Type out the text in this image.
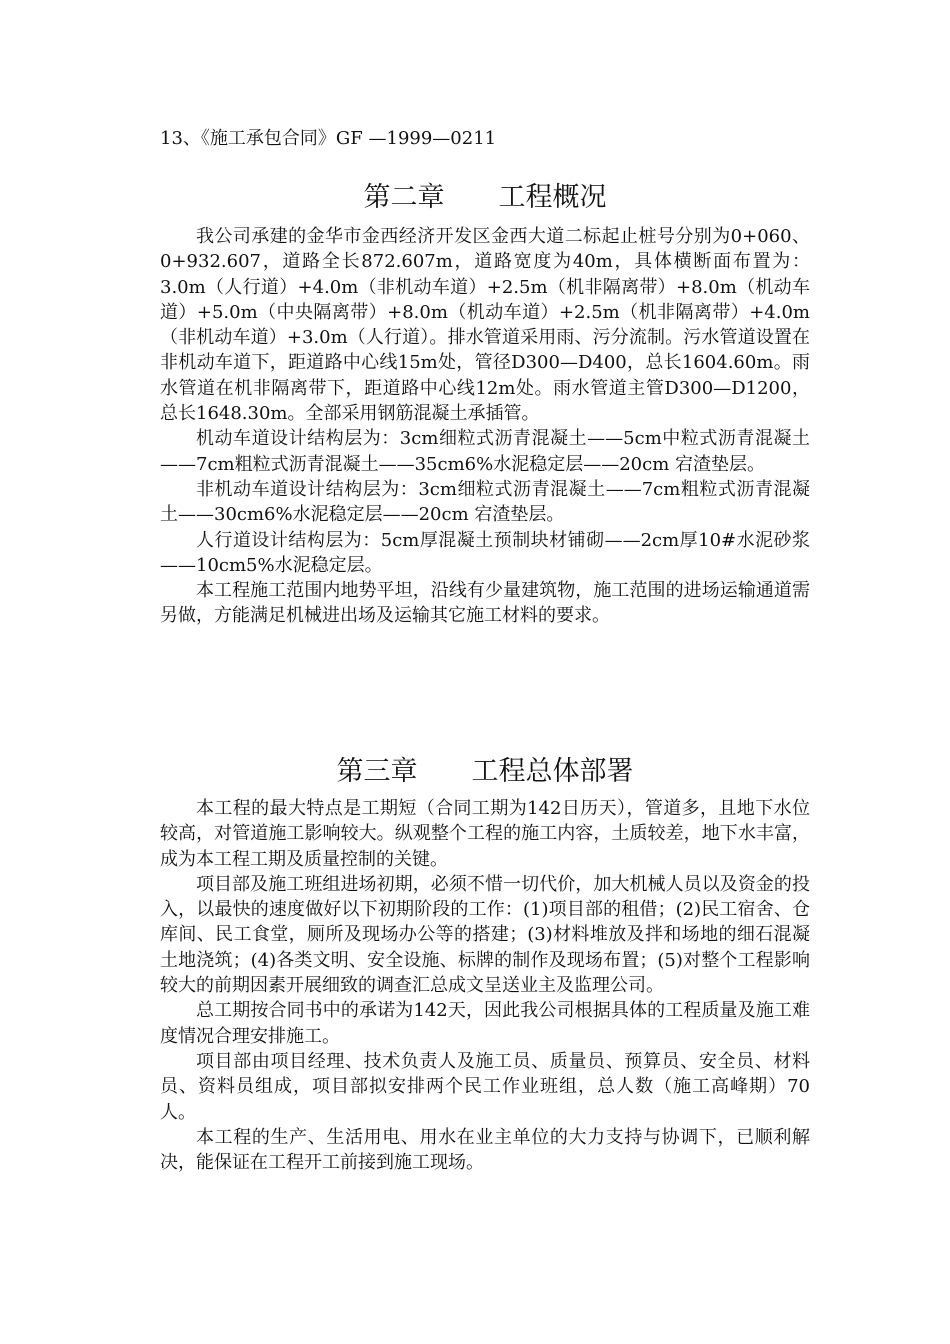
13、《施工承包合同》GF —1999—0211
第二章　　工程概况

我公司承建的金华市金西经济开发区金西大道二标起止桩号分别为0+060、0+932.607，道路全长872.607m，道路宽度为40m，具体横断面布置为：3.0m（人行道）+4.0m（非机动车道）+2.5m（机非隔离带）+8.0m（机动车道）+5.0m（中央隔离带）+8.0m（机动车道）+2.5m（机非隔离带）+4.0m（非机动车道）+3.0m（人行道）。排水管道采用雨、污分流制。污水管道设置在非机动车道下，距道路中心线15m处，管径D300—D400，总长1604.60m。雨水管道在机非隔离带下，距道路中心线12m处。雨水管道主管D300—D1200，总长1648.30m。全部采用钢筋混凝土承插管。

机动车道设计结构层为：3cm细粒式沥青混凝土——5cm中粒式沥青混凝土——7cm粗粒式沥青混凝土——35cm6%水泥稳定层——20cm 宕渣垫层。

非机动车道设计结构层为：3cm细粒式沥青混凝土——7cm粗粒式沥青混凝土——30cm6%水泥稳定层——20cm 宕渣垫层。

人行道设计结构层为：5cm厚混凝土预制块材铺砌——2cm厚10#水泥砂浆——10cm5%水泥稳定层。

本工程施工范围内地势平坦，沿线有少量建筑物，施工范围的进场运输通道需另做，方能满足机械进出场及运输其它施工材料的要求。

第三章　　工程总体部署

本工程的最大特点是工期短（合同工期为142日历天），管道多，且地下水位较高，对管道施工影响较大。纵观整个工程的施工内容，土质较差，地下水丰富，成为本工程工期及质量控制的关键。

项目部及施工班组进场初期，必须不惜一切代价，加大机械人员以及资金的投入，以最快的速度做好以下初期阶段的工作：(1)项目部的租借；(2)民工宿舍、仓库间、民工食堂，厕所及现场办公等的搭建；(3)材料堆放及拌和场地的细石混凝土地浇筑；(4)各类文明、安全设施、标牌的制作及现场布置；(5)对整个工程影响较大的前期因素开展细致的调查汇总成文呈送业主及监理公司。

总工期按合同书中的承诺为142天，因此我公司根据具体的工程质量及施工难度情况合理安排施工。

项目部由项目经理、技术负责人及施工员、质量员、预算员、安全员、材料员、资料员组成，项目部拟安排两个民工作业班组，总人数（施工高峰期）70人。

本工程的生产、生活用电、用水在业主单位的大力支持与协调下，已顺利解决，能保证在工程开工前接到施工现场。
